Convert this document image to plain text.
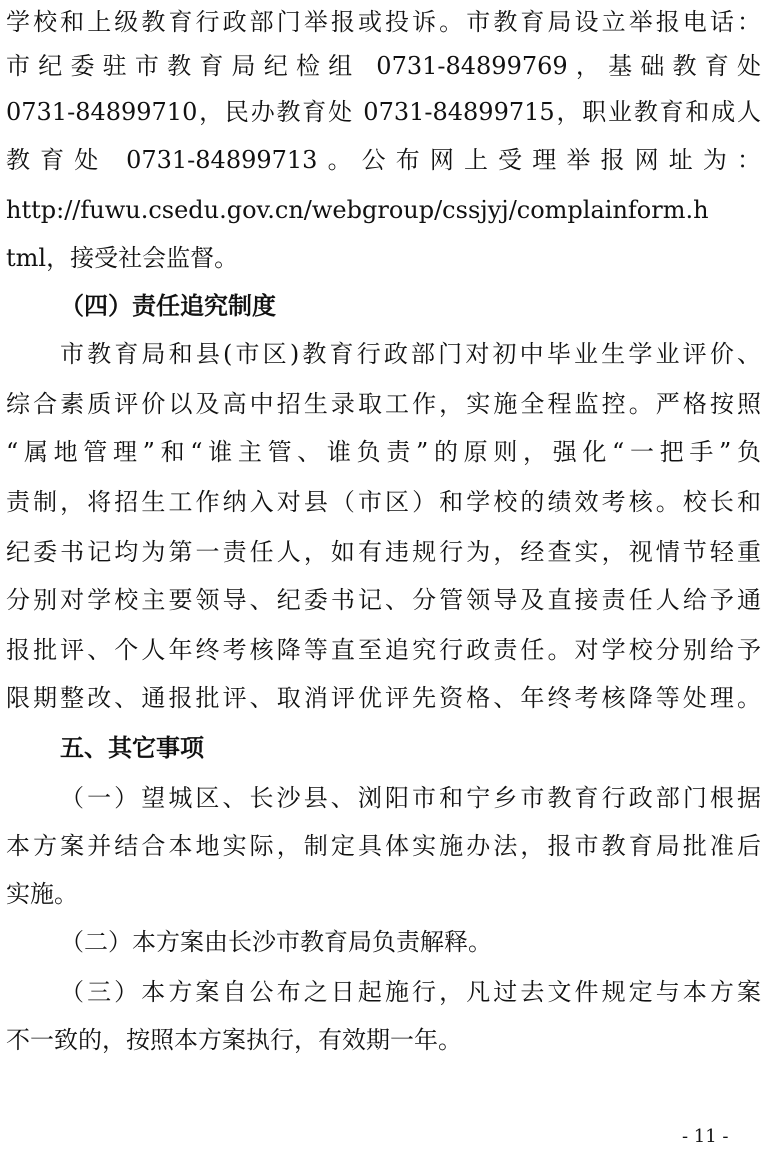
学校和上级教育行政部门举报或投诉。市教育局设立举报电话：
市纪委驻市教育局纪检组 0731-84899769，基础教育处
0731-84899710，民办教育处 0731-84899715，职业教育和成人
教育处 0731-84899713。公布网上受理举报网址为：
http://fuwu.csedu.gov.cn/webgroup/cssjyj/complainform.h
tml，接受社会监督。
（四）责任追究制度
市教育局和县(市区)教育行政部门对初中毕业生学业评价、
综合素质评价以及高中招生录取工作，实施全程监控。严格按照
“属地管理”和“谁主管、谁负责”的原则，强化“一把手”负
责制，将招生工作纳入对县（市区）和学校的绩效考核。校长和
纪委书记均为第一责任人，如有违规行为，经查实，视情节轻重
分别对学校主要领导、纪委书记、分管领导及直接责任人给予通
报批评、个人年终考核降等直至追究行政责任。对学校分别给予
限期整改、通报批评、取消评优评先资格、年终考核降等处理。
五、其它事项
（一）望城区、长沙县、浏阳市和宁乡市教育行政部门根据
本方案并结合本地实际，制定具体实施办法，报市教育局批准后
实施。
（二）本方案由长沙市教育局负责解释。
（三）本方案自公布之日起施行，凡过去文件规定与本方案
不一致的，按照本方案执行，有效期一年。
- 11 -
